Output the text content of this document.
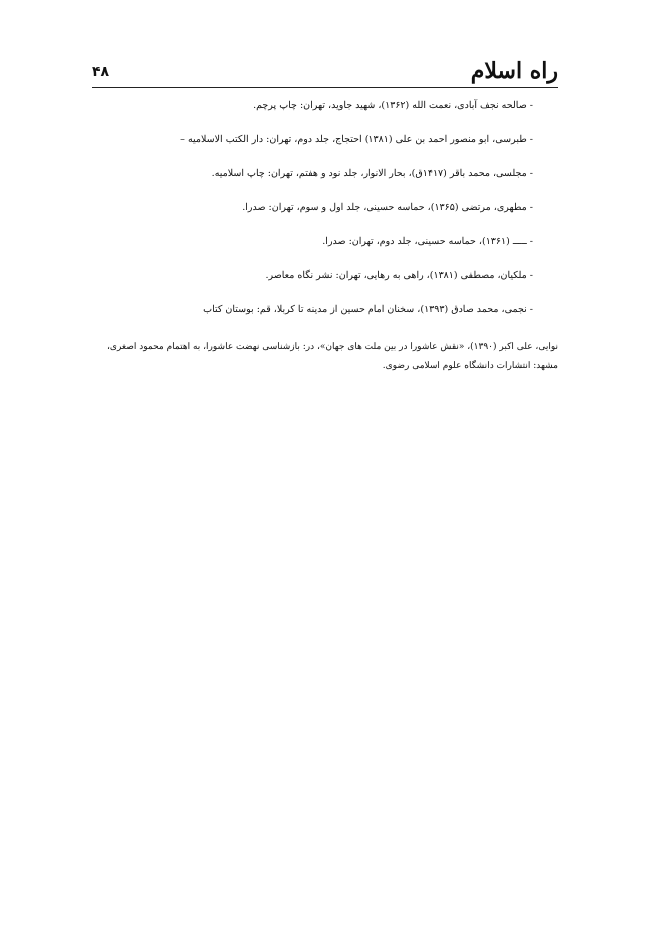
۴۸	راه اسلام

- صالحه نجف آبادی، نعمت الله (۱۳۶۲)، شهید جاوید، تهران: چاپ پرچم.

- طبرسی، ابو منصور احمد بن علی (۱۳۸۱) احتجاج، جلد دوم، تهران: دار الکتب الاسلامیه –

- مجلسی، محمد باقر (۱۴۱۷ق)، بحار الانوار، جلد نود و هفتم، تهران: چاپ اسلامیه.

- مطهری، مرتضی (۱۳۶۵)، حماسه حسینی، جلد اول و سوم، تهران: صدرا.

- ـــــ (۱۳۶۱)، حماسه حسینی، جلد دوم، تهران: صدرا.

- ملکیان، مصطفی (۱۳۸۱)، راهی به رهایی، تهران: نشر نگاه معاصر.

- نجمی، محمد صادق (۱۳۹۳)، سخنان امام حسین از مدینه تا کربلا، قم: بوستان کتاب

نوایی، علی اکبر (۱۳۹۰)، «نقش عاشورا در بین ملت های جهان»، در: بازشناسی نهضت عاشورا، به اهتمام محمود اصغری، مشهد: انتشارات دانشگاه علوم اسلامی رضوی.
